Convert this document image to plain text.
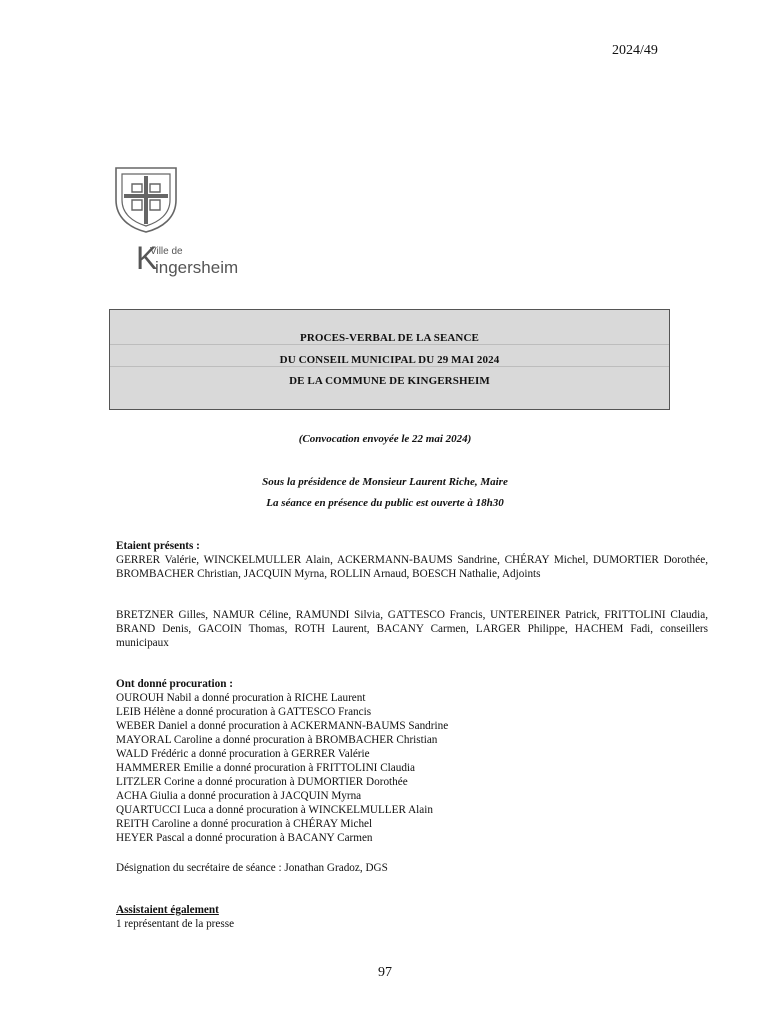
2024/49
K
Ville de
ingersheim
PROCES-VERBAL DE LA SEANCE
DU CONSEIL MUNICIPAL DU 29 MAI 2024
DE LA COMMUNE DE KINGERSHEIM
(Convocation envoyée le 22 mai 2024)
Sous la présidence de Monsieur Laurent Riche, Maire
La séance en présence du public est ouverte à 18h30
Etaient présents :
GERRER Valérie, WINCKELMULLER Alain, ACKERMANN-BAUMS Sandrine, CHÉRAY Michel, DUMORTIER Dorothée, BROMBACHER Christian, JACQUIN Myrna, ROLLIN Arnaud, BOESCH Nathalie, Adjoints
BRETZNER Gilles, NAMUR Céline, RAMUNDI Silvia, GATTESCO Francis, UNTEREINER Patrick, FRITTOLINI Claudia, BRAND Denis, GACOIN Thomas, ROTH Laurent, BACANY Carmen, LARGER Philippe, HACHEM Fadi, conseillers municipaux
Ont donné procuration :
OUROUH Nabil a donné procuration à RICHE Laurent
LEIB Hélène a donné procuration à GATTESCO Francis
WEBER Daniel a donné procuration à ACKERMANN-BAUMS Sandrine
MAYORAL Caroline a donné procuration à BROMBACHER Christian
WALD Frédéric a donné procuration à GERRER Valérie
HAMMERER Emilie a donné procuration à FRITTOLINI Claudia
LITZLER Corine a donné procuration à DUMORTIER Dorothée
ACHA Giulia a donné procuration à JACQUIN Myrna
QUARTUCCI Luca a donné procuration à WINCKELMULLER Alain
REITH Caroline a donné procuration à CHÉRAY Michel
HEYER Pascal a donné procuration à BACANY Carmen
Désignation du secrétaire de séance : Jonathan Gradoz, DGS
Assistaient également
1 représentant de la presse
97
